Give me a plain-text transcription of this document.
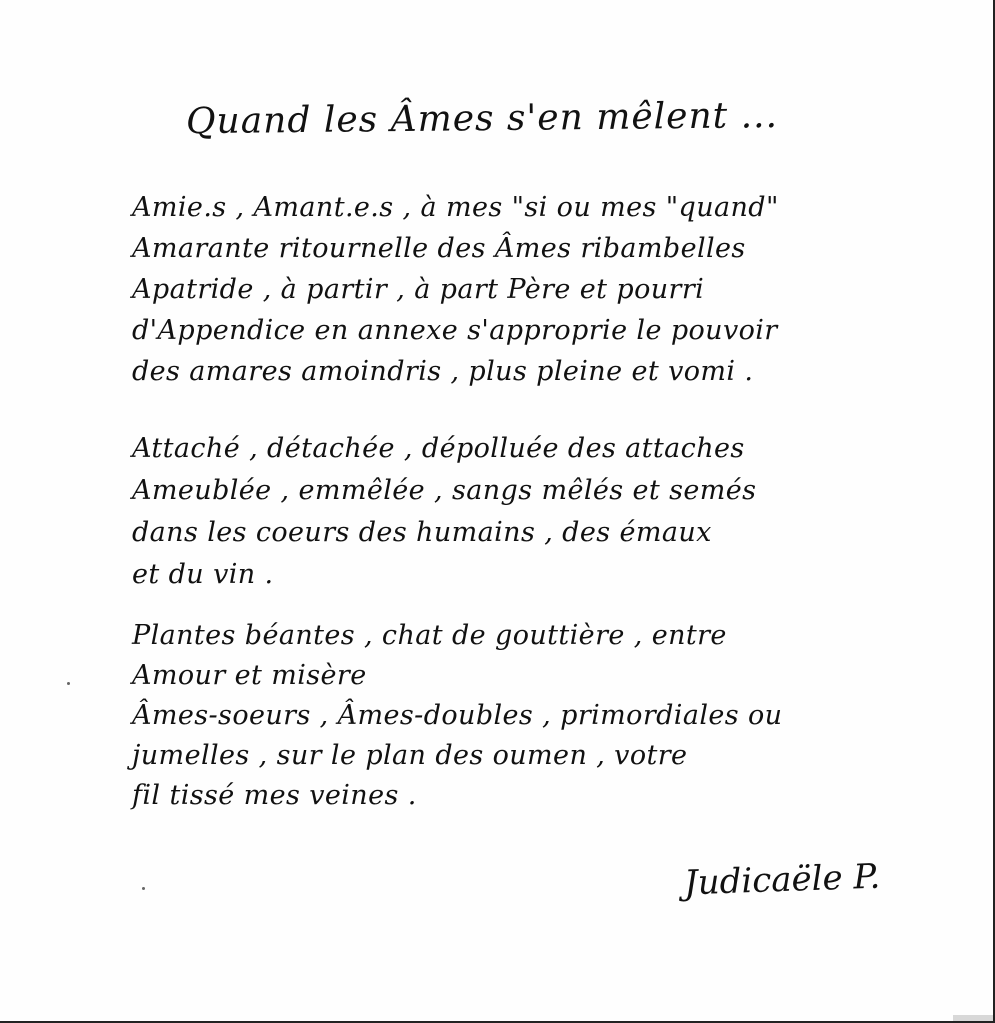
Quand les Âmes s'en mêlent ...
Amie.s , Amant.e.s , à mes "si ou mes "quand"
Amarante ritournelle des Âmes ribambelles
Apatride , à partir , à part Père et pourri
d'Appendice en annexe s'approprie le pouvoir
des amares amoindris , plus pleine et vomi .
Attaché , détachée , dépolluée des attaches
Ameublée , emmêlée , sangs mêlés et semés
dans les coeurs des humains , des émaux
et du vin .
Plantes béantes , chat de gouttière , entre
Amour et misère
Âmes-soeurs , Âmes-doubles , primordiales ou
jumelles , sur le plan des oumen , votre
fil tissé mes veines .
Judicaële P.
